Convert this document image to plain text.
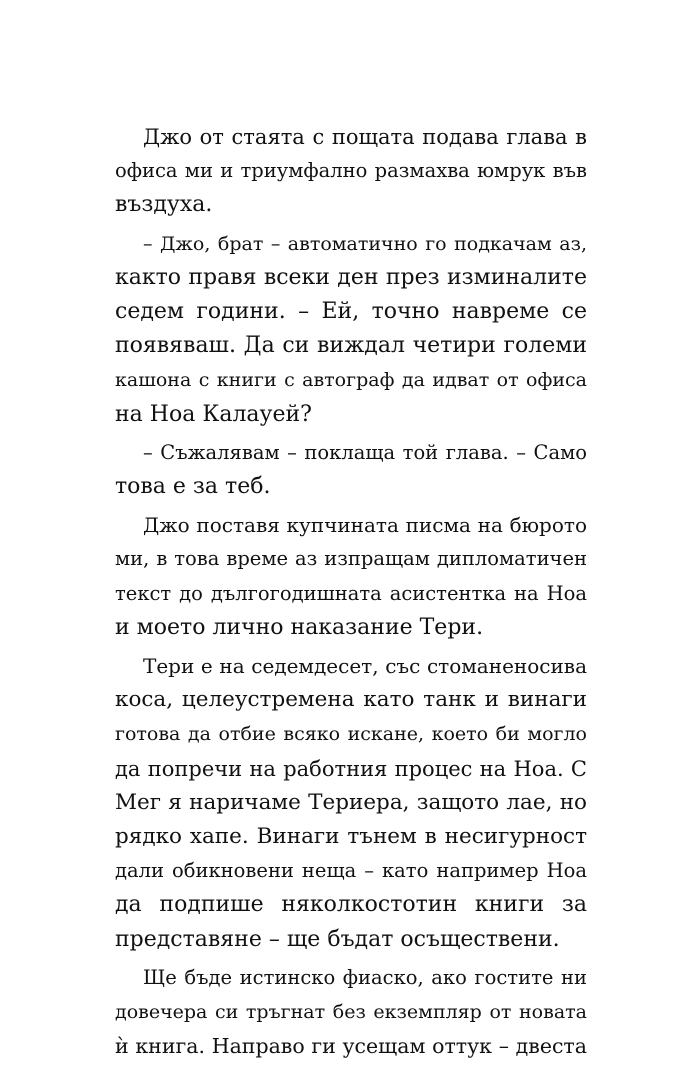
Джо от стаята с пощата подава глава в
офиса ми и триумфално размахва юмрук във
въздуха.
– Джо, брат – автоматично го подкачам аз,
както правя всеки ден през изминалите
седем години. – Ей, точно навреме се
появяваш. Да си виждал четири големи
кашона с книги с автограф да идват от офиса
на Ноа Калауей?
– Съжалявам – поклаща той глава. – Само
това е за теб.
Джо поставя купчината писма на бюрото
ми, в това време аз изпращам дипломатичен
текст до дългогодишната асистентка на Ноа
и моето лично наказание Тери.
Тери е на седемдесет, със стоманеносива
коса, целеустремена като танк и винаги
готова да отбие всяко искане, което би могло
да попречи на работния процес на Ноа. С
Мег я наричаме Териера, защото лае, но
рядко хапе. Винаги тънем в несигурност
дали обикновени неща – като например Ноа
да подпише няколкостотин книги за
представяне – ще бъдат осъществени.
Ще бъде истинско фиаско, ако гостите ни
довечера си тръгнат без екземпляр от новата
ѝ книга. Направо ги усещам оттук – двеста
